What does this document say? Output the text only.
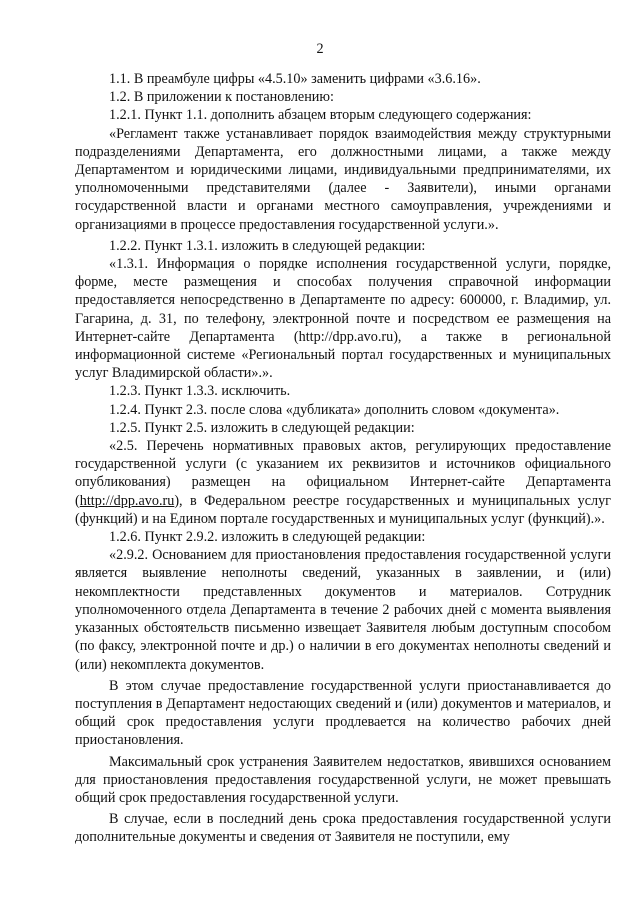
2

1.1. В преамбуле цифры «4.5.10» заменить цифрами «3.6.16».

1.2. В приложении к постановлению:

1.2.1. Пункт 1.1. дополнить абзацем вторым следующего содержания:

«Регламент также устанавливает порядок взаимодействия между структурными подразделениями Департамента, его должностными лицами, а также между Департаментом и юридическими лицами, индивидуальными предпринимателями, их уполномоченными представителями (далее - Заявители), иными органами государственной власти и органами местного самоуправления, учреждениями и организациями в процессе предоставления государственной услуги.».

1.2.2. Пункт 1.3.1. изложить в следующей редакции:

«1.3.1. Информация о порядке исполнения государственной услуги, порядке, форме, месте размещения и способах получения справочной информации предоставляется непосредственно в Департаменте по адресу: 600000, г. Владимир, ул. Гагарина, д. 31, по телефону, электронной почте и посредством ее размещения на Интернет-сайте Департамента (http://dpp.avo.ru), а также в региональной информационной системе «Региональный портал государственных и муниципальных услуг Владимирской области».».

1.2.3. Пункт 1.3.3. исключить.

1.2.4. Пункт 2.3. после слова «дубликата» дополнить словом «документа».

1.2.5. Пункт 2.5. изложить в следующей редакции:

«2.5. Перечень нормативных правовых актов, регулирующих предоставление государственной услуги (с указанием их реквизитов и источников официального опубликования) размещен на официальном Интернет-сайте Департамента (http://dpp.avo.ru), в Федеральном реестре государственных и муниципальных услуг (функций) и на Едином портале государственных и муниципальных услуг (функций).».

1.2.6. Пункт 2.9.2. изложить в следующей редакции:

«2.9.2. Основанием для приостановления предоставления государственной услуги является выявление неполноты сведений, указанных в заявлении, и (или) некомплектности представленных документов и материалов. Сотрудник уполномоченного отдела Департамента в течение 2 рабочих дней с момента выявления указанных обстоятельств письменно извещает Заявителя любым доступным способом (по факсу, электронной почте и др.) о наличии в его документах неполноты сведений и (или) некомплекта документов.

В этом случае предоставление государственной услуги приостанавливается до поступления в Департамент недостающих сведений и (или) документов и материалов, и общий срок предоставления услуги продлевается на количество рабочих дней приостановления.

Максимальный срок устранения Заявителем недостатков, явившихся основанием для приостановления предоставления государственной услуги, не может превышать общий срок предоставления государственной услуги.

В случае, если в последний день срока предоставления государственной услуги дополнительные документы и сведения от Заявителя не поступили, ему
